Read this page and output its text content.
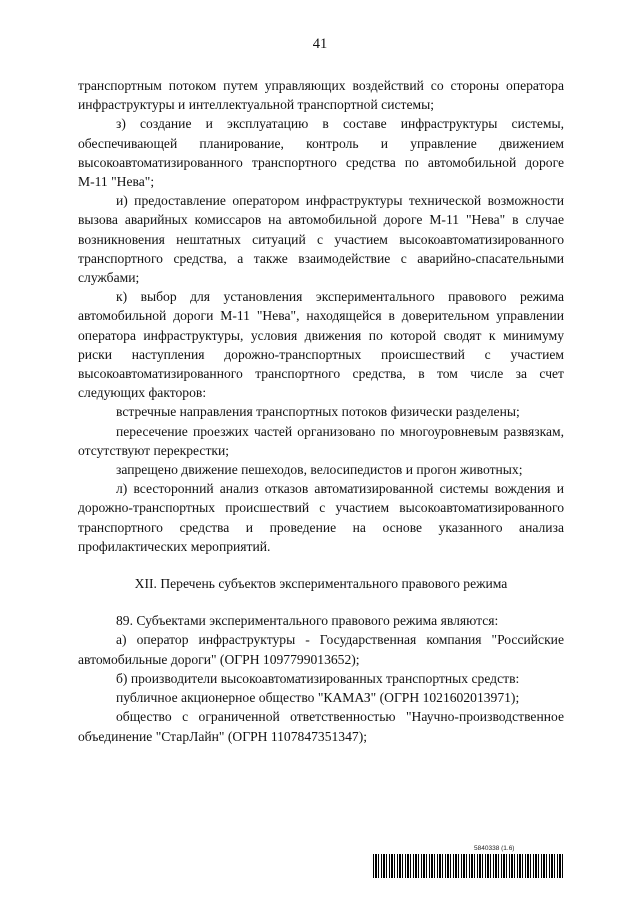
41

транспортным потоком путем управляющих воздействий со стороны оператора инфраструктуры и интеллектуальной транспортной системы;

з) создание и эксплуатацию в составе инфраструктуры системы, обеспечивающей планирование, контроль и управление движением высокоавтоматизированного транспортного средства по автомобильной дороге М-11 "Нева";

и) предоставление оператором инфраструктуры технической возможности вызова аварийных комиссаров на автомобильной дороге М-11 "Нева" в случае возникновения нештатных ситуаций с участием высокоавтоматизированного транспортного средства, а также взаимодействие с аварийно-спасательными службами;

к) выбор для установления экспериментального правового режима автомобильной дороги М-11 "Нева", находящейся в доверительном управлении оператора инфраструктуры, условия движения по которой сводят к минимуму риски наступления дорожно-транспортных происшествий с участием высокоавтоматизированного транспортного средства, в том числе за счет следующих факторов:

встречные направления транспортных потоков физически разделены;

пересечение проезжих частей организовано по многоуровневым развязкам, отсутствуют перекрестки;

запрещено движение пешеходов, велосипедистов и прогон животных;

л) всесторонний анализ отказов автоматизированной системы вождения и дорожно-транспортных происшествий с участием высокоавтоматизированного транспортного средства и проведение на основе указанного анализа профилактических мероприятий.

XII. Перечень субъектов экспериментального правового режима

89. Субъектами экспериментального правового режима являются:

а) оператор инфраструктуры - Государственная компания "Российские автомобильные дороги" (ОГРН 1097799013652);

б) производители высокоавтоматизированных транспортных средств:

публичное акционерное общество "КАМАЗ" (ОГРН 1021602013971);

общество с ограниченной ответственностью "Научно-производственное объединение "СтарЛайн" (ОГРН 1107847351347);

5840338 (1.6)
